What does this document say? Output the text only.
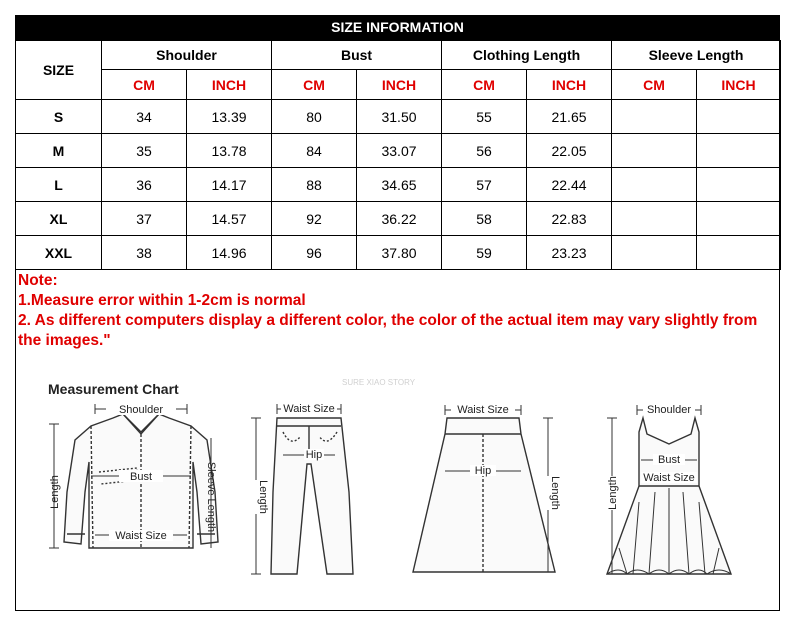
SIZE INFORMATION
SIZE	Shoulder		Bust		Clothing Length		Sleeve Length	
	CM	INCH	CM	INCH	CM	INCH	CM	INCH
S	34	13.39	80	31.50	55	21.65		
M	35	13.78	84	33.07	56	22.05		
L	36	14.17	88	34.65	57	22.44		
XL	37	14.57	92	36.22	58	22.83		
XXL	38	14.96	96	37.80	59	23.23		
Note:
1.Measure error within 1-2cm is normal
2. As different computers display a different color, the color of the actual item may vary slightly from
the images."
Measurement Chart	SURE XIAO STORY
Shoulder
Bust
Waist Size
Length	Sleeve Length
Waist Size
Hip
Length
Waist Size
Hip
Length
Shoulder
Bust
Waist Size
Length
